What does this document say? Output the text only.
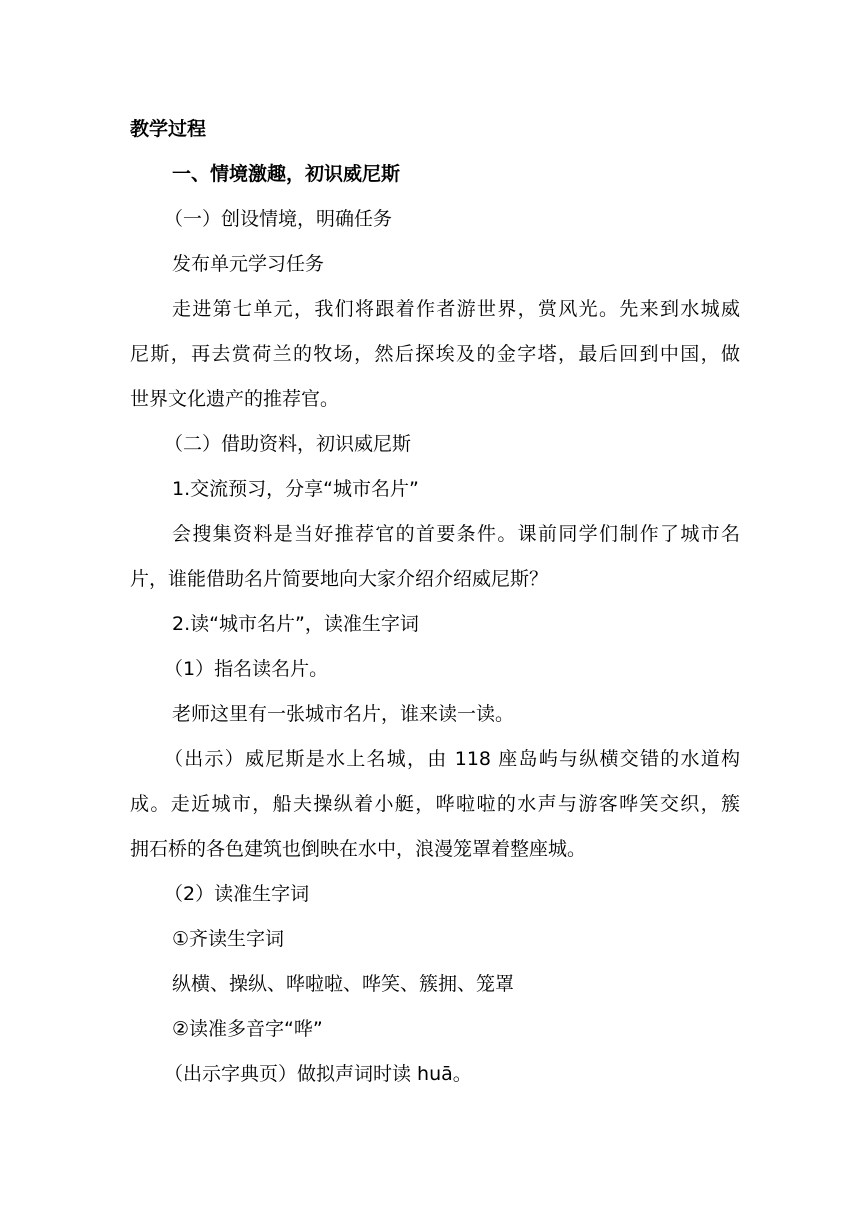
教学过程
一、情境激趣，初识威尼斯
（一）创设情境，明确任务
发布单元学习任务
走进第七单元，我们将跟着作者游世界，赏风光。先来到水城威
尼斯，再去赏荷兰的牧场，然后探埃及的金字塔，最后回到中国，做
世界文化遗产的推荐官。
（二）借助资料，初识威尼斯
1.交流预习，分享“城市名片”
会搜集资料是当好推荐官的首要条件。课前同学们制作了城市名
片，谁能借助名片简要地向大家介绍介绍威尼斯？
2.读“城市名片”，读准生字词
（1）指名读名片。
老师这里有一张城市名片，谁来读一读。
（出示）威尼斯是水上名城，由 118 座岛屿与纵横交错的水道构
成。走近城市，船夫操纵着小艇，哗啦啦的水声与游客哗笑交织，簇
拥石桥的各色建筑也倒映在水中，浪漫笼罩着整座城。
（2）读准生字词
①齐读生字词
纵横、操纵、哗啦啦、哗笑、簇拥、笼罩
②读准多音字“哗”
（出示字典页）做拟声词时读 huā。
